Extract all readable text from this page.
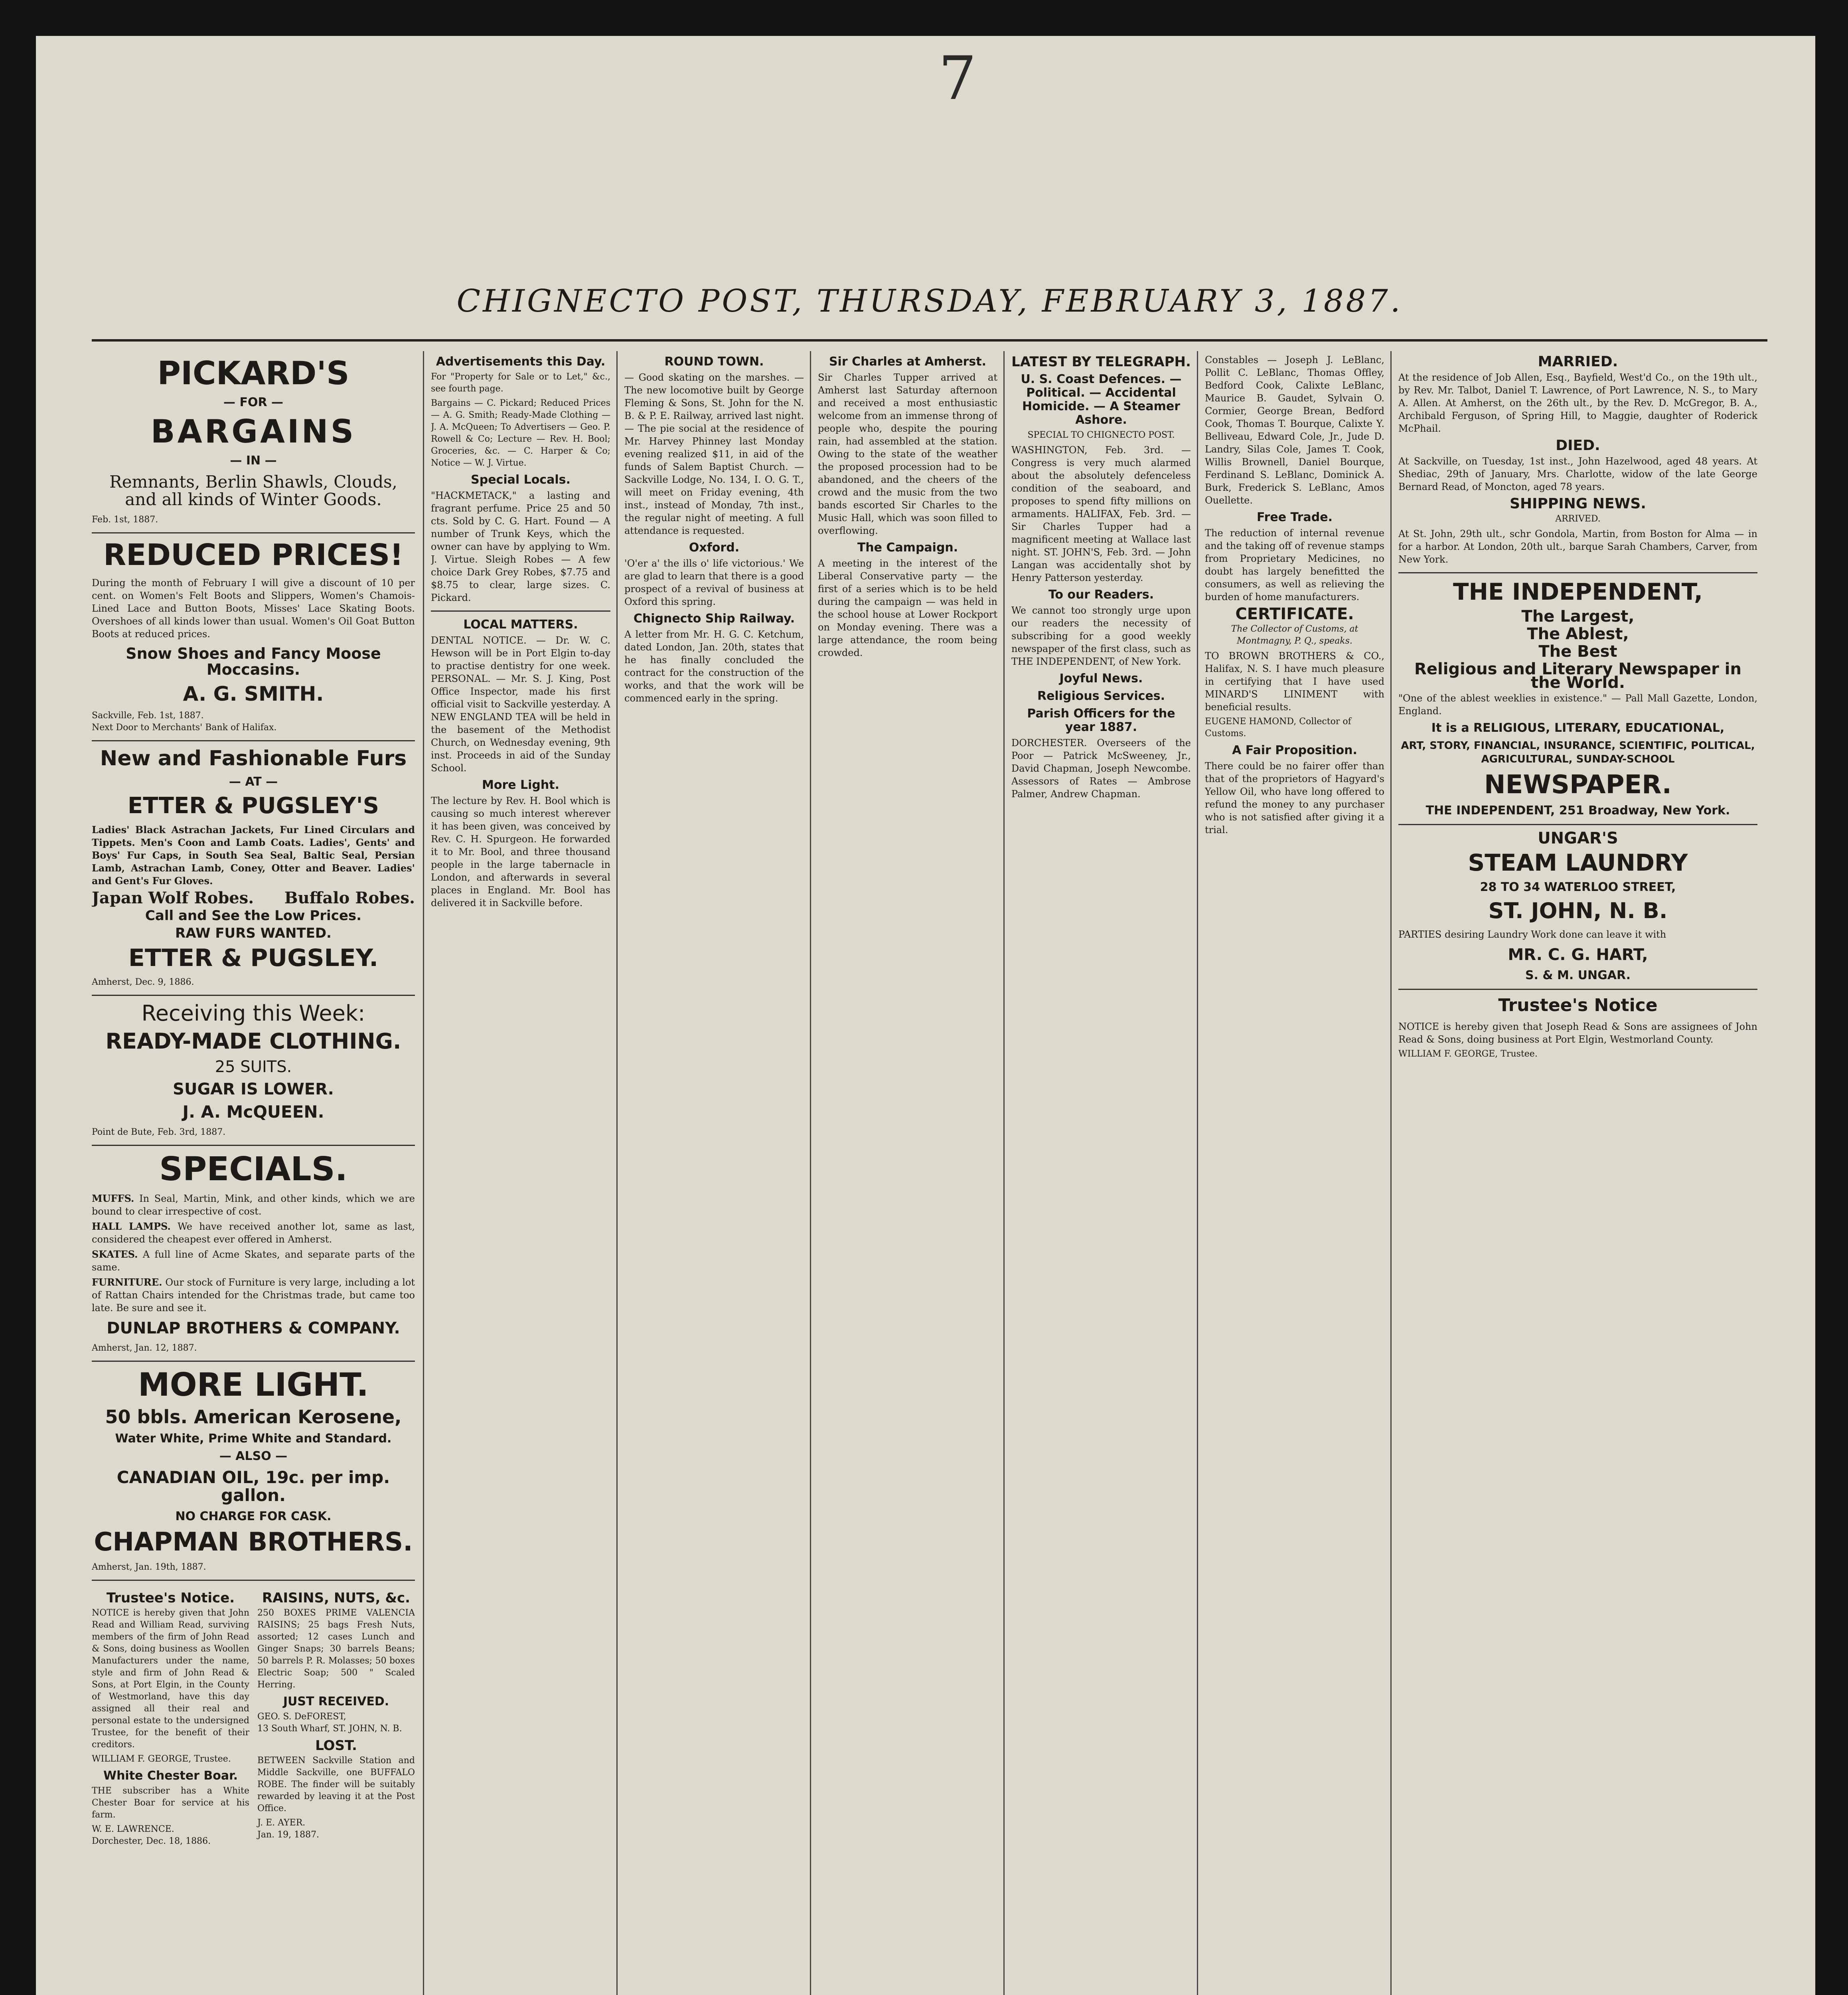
7
CHIGNECTO POST, THURSDAY, FEBRUARY 3, 1887.
PICKARD'S
— FOR —
BARGAINS
— IN —
Remnants, Berlin Shawls, Clouds, and all kinds of Winter Goods.
Feb. 1st, 1887.
REDUCED PRICES!
During the month of February I will give a discount of 10 per cent. on Women's Felt Boots and Slippers, Women's Chamois-Lined Lace and Button Boots, Misses' Lace Skating Boots. Overshoes of all kinds lower than usual. Women's Oil Goat Button Boots at reduced prices.
Snow Shoes and Fancy Moose Moccasins.
A. G. SMITH.
Sackville, Feb. 1st, 1887.
Next Door to Merchants' Bank of Halifax.
New and Fashionable Furs
— AT —
ETTER & PUGSLEY'S
Ladies' Black Astrachan Jackets, Fur Lined Circulars and Tippets. Men's Coon and Lamb Coats. Ladies', Gents' and Boys' Fur Caps, in South Sea Seal, Baltic Seal, Persian Lamb, Astrachan Lamb, Coney, Otter and Beaver. Ladies' and Gent's Fur Gloves.
Japan Wolf Robes. Buffalo Robes.
Call and See the Low Prices.
RAW FURS WANTED.
ETTER & PUGSLEY.
Amherst, Dec. 9, 1886.
Receiving this Week:
READY-MADE CLOTHING.
25 SUITS.
SUGAR IS LOWER.
J. A. McQUEEN.
Point de Bute, Feb. 3rd, 1887.
SPECIALS.
MUFFS. In Seal, Martin, Mink, and other kinds, which we are bound to clear irrespective of cost.
HALL LAMPS. We have received another lot, same as last, considered the cheapest ever offered in Amherst.
SKATES. A full line of Acme Skates, and separate parts of the same.
FURNITURE. Our stock of Furniture is very large, including a lot of Rattan Chairs intended for the Christmas trade, but came too late. Be sure and see it.
DUNLAP BROTHERS & COMPANY.
Amherst, Jan. 12, 1887.
MORE LIGHT.
50 bbls. American Kerosene,
Water White, Prime White and Standard.
— ALSO —
CANADIAN OIL, 19c. per imp. gallon.
NO CHARGE FOR CASK.
CHAPMAN BROTHERS.
Amherst, Jan. 19th, 1887.
Trustee's Notice.
NOTICE is hereby given that John Read and William Read, surviving members of the firm of John Read & Sons, doing business as Woollen Manufacturers under the name, style and firm of John Read & Sons, at Port Elgin, in the County of Westmorland, have this day assigned all their real and personal estate to the undersigned Trustee, for the benefit of their creditors.
WILLIAM F. GEORGE, Trustee.
White Chester Boar.
THE subscriber has a White Chester Boar for service at his farm.
W. E. LAWRENCE.
Dorchester, Dec. 18, 1886.
RAISINS, NUTS, &c.
250 BOXES PRIME VALENCIA RAISINS; 25 bags Fresh Nuts, assorted; 12 cases Lunch and Ginger Snaps; 30 barrels Beans; 50 barrels P. R. Molasses; 50 boxes Electric Soap; 500 " Scaled Herring.
JUST RECEIVED.
GEO. S. DeFOREST,
13 South Wharf, ST. JOHN, N. B.
LOST.
BETWEEN Sackville Station and Middle Sackville, one BUFFALO ROBE. The finder will be suitably rewarded by leaving it at the Post Office.
J. E. AYER.
Jan. 19, 1887.
Advertisements this Day.
For "Property for Sale or to Let," &c., see fourth page.
Bargains — C. Pickard; Reduced Prices — A. G. Smith; Ready-Made Clothing — J. A. McQueen; To Advertisers — Geo. P. Rowell & Co; Lecture — Rev. H. Bool; Groceries, &c. — C. Harper & Co; Notice — W. J. Virtue.
Special Locals.
"HACKMETACK," a lasting and fragrant perfume. Price 25 and 50 cts. Sold by C. G. Hart. Found — A number of Trunk Keys, which the owner can have by applying to Wm. J. Virtue. Sleigh Robes — A few choice Dark Grey Robes, $7.75 and $8.75 to clear, large sizes. C. Pickard.
LOCAL MATTERS.
DENTAL NOTICE. — Dr. W. C. Hewson will be in Port Elgin to-day to practise dentistry for one week. PERSONAL. — Mr. S. J. King, Post Office Inspector, made his first official visit to Sackville yesterday. A NEW ENGLAND TEA will be held in the basement of the Methodist Church, on Wednesday evening, 9th inst. Proceeds in aid of the Sunday School.
More Light.
The lecture by Rev. H. Bool which is causing so much interest wherever it has been given, was conceived by Rev. C. H. Spurgeon. He forwarded it to Mr. Bool, and three thousand people in the large tabernacle in London, and afterwards in several places in England. Mr. Bool has delivered it in Sackville before.
ROUND TOWN.
— Good skating on the marshes. — The new locomotive built by George Fleming & Sons, St. John for the N. B. & P. E. Railway, arrived last night. — The pie social at the residence of Mr. Harvey Phinney last Monday evening realized $11, in aid of the funds of Salem Baptist Church. — Sackville Lodge, No. 134, I. O. G. T., will meet on Friday evening, 4th inst., instead of Monday, 7th inst., the regular night of meeting. A full attendance is requested.
Oxford.
'O'er a' the ills o' life victorious.' We are glad to learn that there is a good prospect of a revival of business at Oxford this spring.
Chignecto Ship Railway.
A letter from Mr. H. G. C. Ketchum, dated London, Jan. 20th, states that he has finally concluded the contract for the construction of the works, and that the work will be commenced early in the spring.
Sir Charles at Amherst.
Sir Charles Tupper arrived at Amherst last Saturday afternoon and received a most enthusiastic welcome from an immense throng of people who, despite the pouring rain, had assembled at the station. Owing to the state of the weather the proposed procession had to be abandoned, and the cheers of the crowd and the music from the two bands escorted Sir Charles to the Music Hall, which was soon filled to overflowing.
The Campaign.
A meeting in the interest of the Liberal Conservative party — the first of a series which is to be held during the campaign — was held in the school house at Lower Rockport on Monday evening. There was a large attendance, the room being crowded.
LATEST BY TELEGRAPH.
U. S. Coast Defences. — Political. — Accidental Homicide. — A Steamer Ashore.
SPECIAL TO CHIGNECTO POST.
WASHINGTON, Feb. 3rd. — Congress is very much alarmed about the absolutely defenceless condition of the seaboard, and proposes to spend fifty millions on armaments. HALIFAX, Feb. 3rd. — Sir Charles Tupper had a magnificent meeting at Wallace last night. ST. JOHN'S, Feb. 3rd. — John Langan was accidentally shot by Henry Patterson yesterday.
To our Readers.
We cannot too strongly urge upon our readers the necessity of subscribing for a good weekly newspaper of the first class, such as THE INDEPENDENT, of New York.
Joyful News.
Religious Services.
Parish Officers for the year 1887.
DORCHESTER. Overseers of the Poor — Patrick McSweeney, Jr., David Chapman, Joseph Newcombe. Assessors of Rates — Ambrose Palmer, Andrew Chapman.
Constables — Joseph J. LeBlanc, Pollit C. LeBlanc, Thomas Offley, Bedford Cook, Calixte LeBlanc, Maurice B. Gaudet, Sylvain O. Cormier, George Brean, Bedford Cook, Thomas T. Bourque, Calixte Y. Belliveau, Edward Cole, Jr., Jude D. Landry, Silas Cole, James T. Cook, Willis Brownell, Daniel Bourque, Ferdinand S. LeBlanc, Dominick A. Burk, Frederick S. LeBlanc, Amos Ouellette.
Free Trade.
The reduction of internal revenue and the taking off of revenue stamps from Proprietary Medicines, no doubt has largely benefitted the consumers, as well as relieving the burden of home manufacturers.
CERTIFICATE.
The Collector of Customs, at Montmagny, P. Q., speaks.
TO BROWN BROTHERS & CO., Halifax, N. S. I have much pleasure in certifying that I have used MINARD'S LINIMENT with beneficial results.
EUGENE HAMOND, Collector of Customs.
A Fair Proposition.
There could be no fairer offer than that of the proprietors of Hagyard's Yellow Oil, who have long offered to refund the money to any purchaser who is not satisfied after giving it a trial.
MARRIED.
At the residence of Job Allen, Esq., Bayfield, West'd Co., on the 19th ult., by Rev. Mr. Talbot, Daniel T. Lawrence, of Port Lawrence, N. S., to Mary A. Allen. At Amherst, on the 26th ult., by the Rev. D. McGregor, B. A., Archibald Ferguson, of Spring Hill, to Maggie, daughter of Roderick McPhail.
DIED.
At Sackville, on Tuesday, 1st inst., John Hazelwood, aged 48 years. At Shediac, 29th of January, Mrs. Charlotte, widow of the late George Bernard Read, of Moncton, aged 78 years.
SHIPPING NEWS.
ARRIVED.
At St. John, 29th ult., schr Gondola, Martin, from Boston for Alma — in for a harbor. At London, 20th ult., barque Sarah Chambers, Carver, from New York.
THE INDEPENDENT,
The Largest,
The Ablest,
The Best
Religious and Literary Newspaper in the World.
"One of the ablest weeklies in existence." — Pall Mall Gazette, London, England.
It is a RELIGIOUS, LITERARY, EDUCATIONAL,
ART, STORY, FINANCIAL, INSURANCE, SCIENTIFIC, POLITICAL, AGRICULTURAL, SUNDAY-SCHOOL
NEWSPAPER.
THE INDEPENDENT, 251 Broadway, New York.
UNGAR'S
STEAM LAUNDRY
28 TO 34 WATERLOO STREET,
ST. JOHN, N. B.
PARTIES desiring Laundry Work done can leave it with
MR. C. G. HART,
S. & M. UNGAR.
Trustee's Notice
NOTICE is hereby given that Joseph Read & Sons are assignees of John Read & Sons, doing business at Port Elgin, Westmorland County.
WILLIAM F. GEORGE, Trustee.
